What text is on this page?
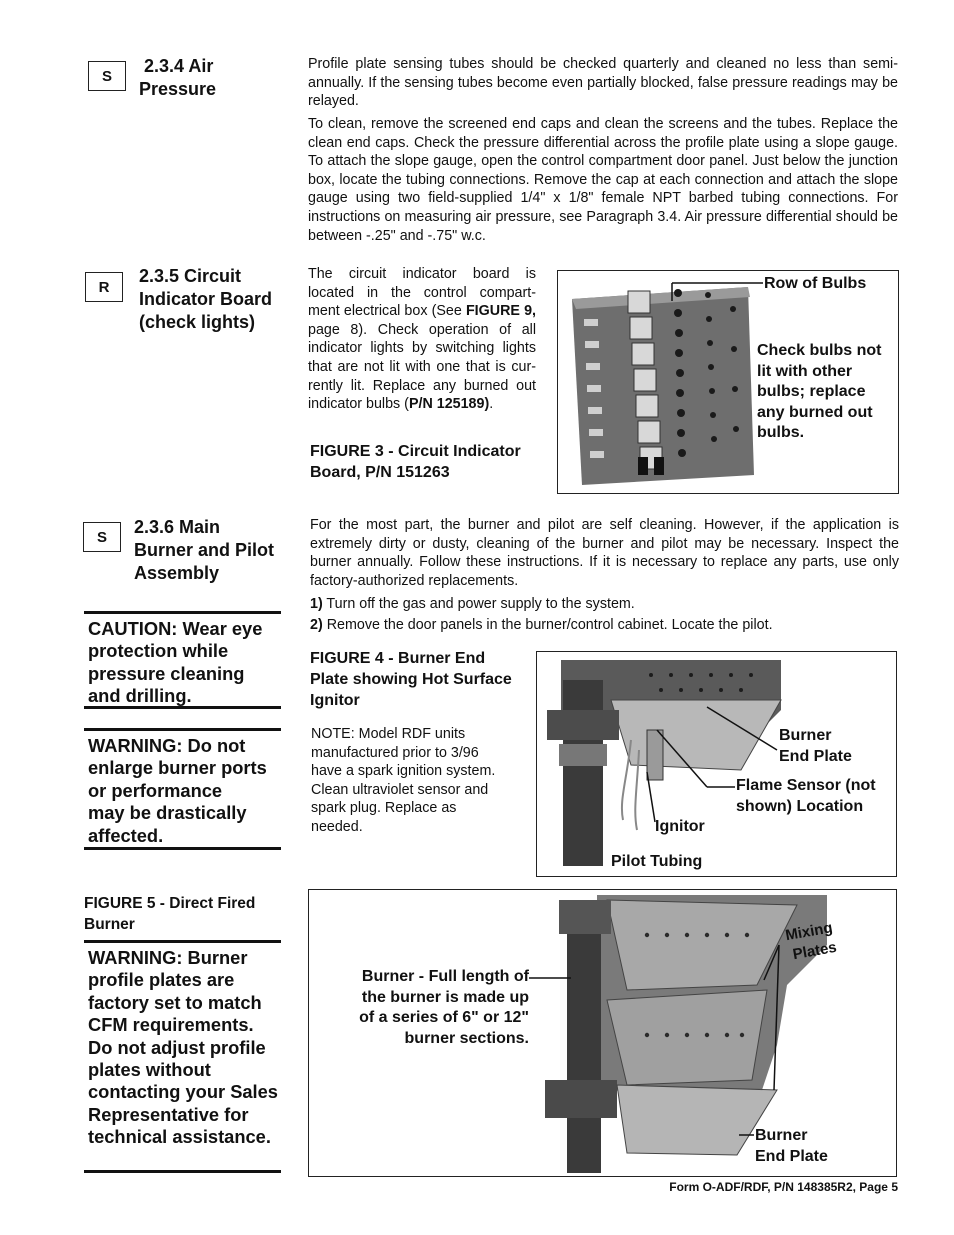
S	2.3.4 Air
Pressure

Profile plate sensing tubes should be checked quarterly and cleaned no less than semi-annually. If the sensing tubes become even partially blocked, false pressure readings may be relayed.

To clean, remove the screened end caps and clean the screens and the tubes. Replace the clean end caps. Check the pressure differential across the profile plate using a slope gauge. To attach the slope gauge, open the control compartment door panel. Just below the junction box, locate the tubing connections. Remove the cap at each connection and attach the slope gauge using two field-supplied 1/4" x 1/8" female NPT barbed tubing connections. For instructions on measuring air pressure, see Paragraph 3.4. Air pressure differential should be between -.25" and -.75" w.c.

R
2.3.5 Circuit
Indicator Board
(check lights)

The circuit indicator board is located in the control compart- ment electrical box (See FIGURE 9, page 8). Check operation of all indicator lights by switching lights that are not lit with one that is cur- rently lit. Replace any burned out indicator bulbs (P/N 125189).

FIGURE 3 - Circuit Indicator Board, P/N 151263
Row of Bulbs
Check bulbs not lit with other bulbs; replace any burned out bulbs.
S	2.3.6 Main
Burner and Pilot
Assembly

For the most part, the burner and pilot are self cleaning. However, if the application is extremely dirty or dusty, cleaning of the burner and pilot may be necessary. Inspect the burner annually. Follow these instructions. If it is necessary to replace any parts, use only factory-authorized replacements.

1) Turn off the gas and power supply to the system.
2) Remove the door panels in the burner/control cabinet. Locate the pilot.
CAUTION: Wear eye protection while pressure cleaning and drilling.
WARNING: Do not
enlarge burner ports
or performance
may be drastically
affected.
FIGURE 4 - Burner End Plate showing Hot Surface Ignitor
NOTE: Model RDF units manufactured prior to 3/96 have a spark ignition system. Clean ultraviolet sensor and spark plug. Replace as needed.
Burner
End Plate
Flame Sensor (not
shown) Location
Ignitor
Pilot Tubing
FIGURE 5 - Direct Fired Burner
WARNING: Burner profile plates are factory set to match CFM requirements. Do not adjust profile plates without contacting your Sales Representative for technical assistance.
Burner - Full length of
the burner is made up
of a series of 6" or 12"
burner sections.
Mixing
Plates
Burner
End Plate
Form O-ADF/RDF, P/N 148385R2, Page 5
